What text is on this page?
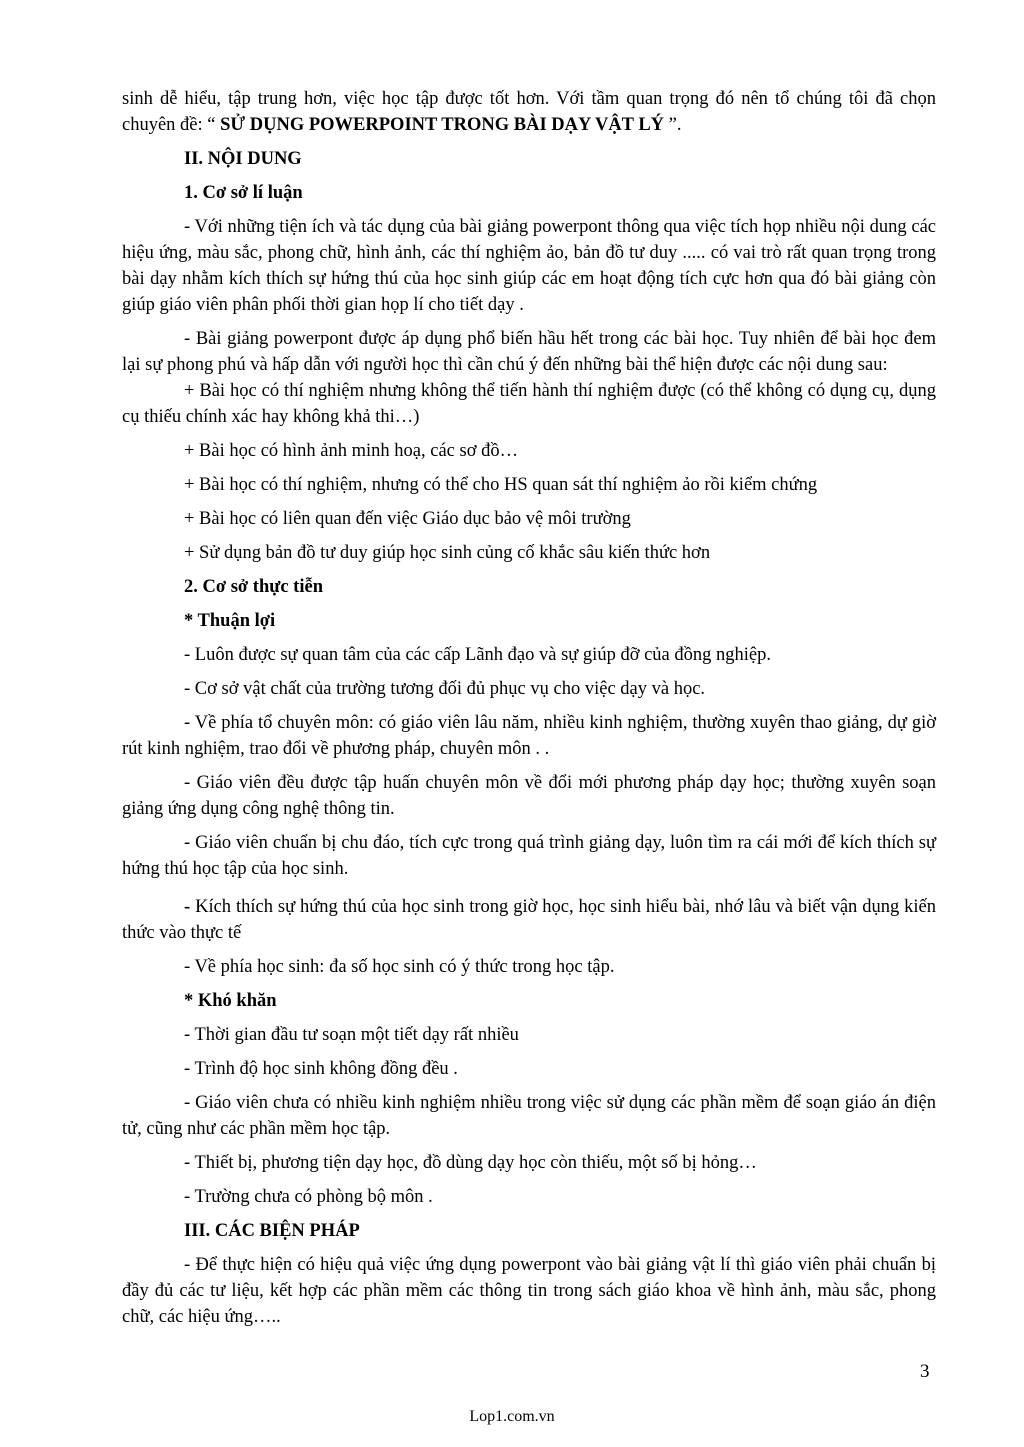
sinh dễ hiểu, tập trung hơn, việc học tập được tốt hơn. Với tầm quan trọng đó nên tổ chúng tôi đã chọn chuyên đề: “ SỬ DỤNG POWERPOINT TRONG BÀI DẠY VẬT LÝ ”.

II. NỘI DUNG

1. Cơ sở lí luận

- Với những tiện ích và tác dụng của bài giảng powerpont thông qua việc tích họp nhiều nội dung các hiệu ứng, màu sắc, phong chữ, hình ảnh, các thí nghiệm ảo, bản đồ tư duy ..... có vai trò rất quan trọng trong bài dạy nhằm kích thích sự hứng thú của học sinh giúp các em hoạt động tích cực hơn qua đó bài giảng còn giúp giáo viên phân phối thời gian họp lí cho tiết dạy .

- Bài giảng powerpont được áp dụng phổ biến hầu hết trong các bài học. Tuy nhiên để bài học đem lại sự phong phú và hấp dẫn với người học thì cần chú ý đến những bài thể hiện được các nội dung sau:

+ Bài học có thí nghiệm nhưng không thể tiến hành thí nghiệm được (có thể không có dụng cụ, dụng cụ thiếu chính xác hay không khả thi…)

+ Bài học có hình ảnh minh hoạ, các sơ đồ…

+ Bài học có thí nghiệm, nhưng có thể cho HS quan sát thí nghiệm ảo rồi kiểm chứng

+ Bài học có liên quan đến việc Giáo dục bảo vệ môi trường

+ Sử dụng bản đồ tư duy giúp học sinh củng cố khắc sâu kiến thức hơn

2. Cơ sở thực tiễn

* Thuận lợi

- Luôn được sự quan tâm của các cấp Lãnh đạo và sự giúp đỡ của đồng nghiệp.

- Cơ sở vật chất của trường tương đối đủ phục vụ cho việc dạy và học.

- Về phía tổ chuyên môn: có giáo viên lâu năm, nhiều kinh nghiệm, thường xuyên thao giảng, dự giờ rút kinh nghiệm, trao đổi về phương pháp, chuyên môn . .

- Giáo viên đều được tập huấn chuyên môn về đổi mới phương pháp dạy học; thường xuyên soạn giảng ứng dụng công nghệ thông tin.

- Giáo viên chuẩn bị chu đáo, tích cực trong quá trình giảng dạy, luôn tìm ra cái mới để kích thích sự hứng thú học tập của học sinh.

- Kích thích sự hứng thú của học sinh trong giờ học, học sinh hiểu bài, nhớ lâu và biết vận dụng kiến thức vào thực tế

- Về phía học sinh: đa số học sinh có ý thức trong học tập.

* Khó khăn

- Thời gian đầu tư soạn một tiết dạy rất nhiều

- Trình độ học sinh không đồng đều .

- Giáo viên chưa có nhiều kinh nghiệm nhiều trong việc sử dụng các phần mềm để soạn giáo án điện tử, cũng như các phần mềm học tập.

- Thiết bị, phương tiện dạy học, đồ dùng dạy học còn thiếu, một số bị hỏng…

- Trường chưa có phòng bộ môn .

III. CÁC BIỆN PHÁP

- Để thực hiện có hiệu quả việc ứng dụng powerpont vào bài giảng vật lí thì giáo viên phải chuẩn bị đầy đủ các tư liệu, kết hợp các phần mềm các thông tin trong sách giáo khoa về hình ảnh, màu sắc, phong chữ, các hiệu ứng…..

3
Lop1.com.vn
